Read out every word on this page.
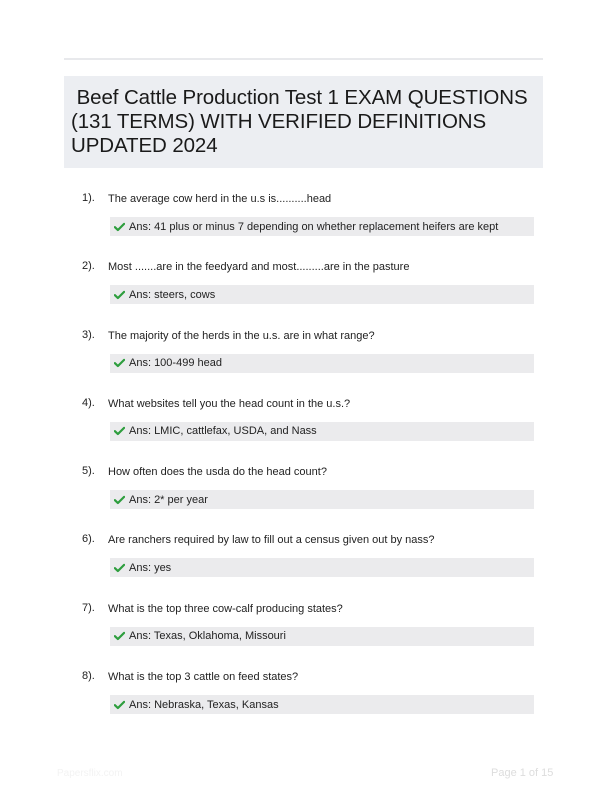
Beef Cattle Production Test 1 EXAM QUESTIONS
(131 TERMS) WITH VERIFIED DEFINITIONS
UPDATED 2024
1). The average cow herd in the u.s is..........head
Ans: 41 plus or minus 7 depending on whether replacement heifers are kept
2). Most .......are in the feedyard and most.........are in the pasture
Ans: steers, cows
3). The majority of the herds in the u.s. are in what range?
Ans: 100-499 head
4). What websites tell you the head count in the u.s.?
Ans: LMIC, cattlefax, USDA, and Nass
5). How often does the usda do the head count?
Ans: 2* per year
6). Are ranchers required by law to fill out a census given out by nass?
Ans: yes
7). What is the top three cow-calf producing states?
Ans: Texas, Oklahoma, Missouri
8). What is the top 3 cattle on feed states?
Ans: Nebraska, Texas, Kansas
Papersflix.com	Page 1 of 15
